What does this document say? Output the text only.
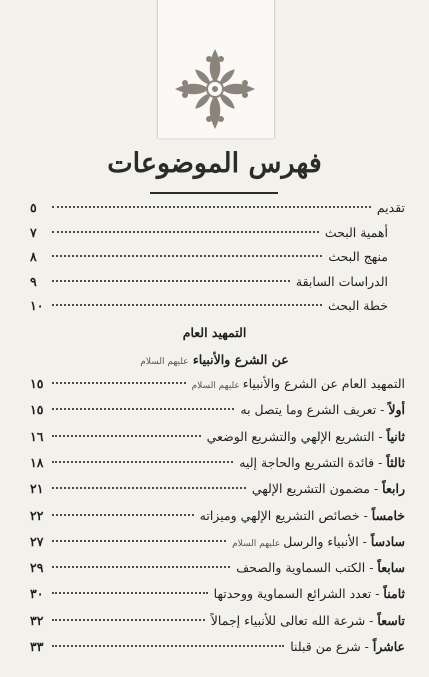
فهرس الموضوعات
تقديم
٥
أهمية البحث
٧
منهج البحث
٨
الدراسات السابقة
٩
خطة البحث
١٠
التمهيد العام
عن الشرع والأنبياء عليهم السلام
التمهيد العام عن الشرع والأنبياء عليهم السلام
١٥
أولاً - تعريف الشرع وما يتصل به
١٥
ثانياً - التشريع الإلهي والتشريع الوضعي
١٦
ثالثاً - فائدة التشريع والحاجة إليه
١٨
رابعاً - مضمون التشريع الإلهي
٢١
خامساً - خصائص التشريع الإلهي وميزاته
٢٢
سادساً - الأنبياء والرسل عليهم السلام
٢٧
سابعاً - الكتب السماوية والصحف
٢٩
ثامناً - تعدد الشرائع السماوية ووحدتها
٣٠
تاسعاً - شرعة الله تعالى للأنبياء إجمالاً
٣٢
عاشراً - شرع من قبلنا
٣٣
